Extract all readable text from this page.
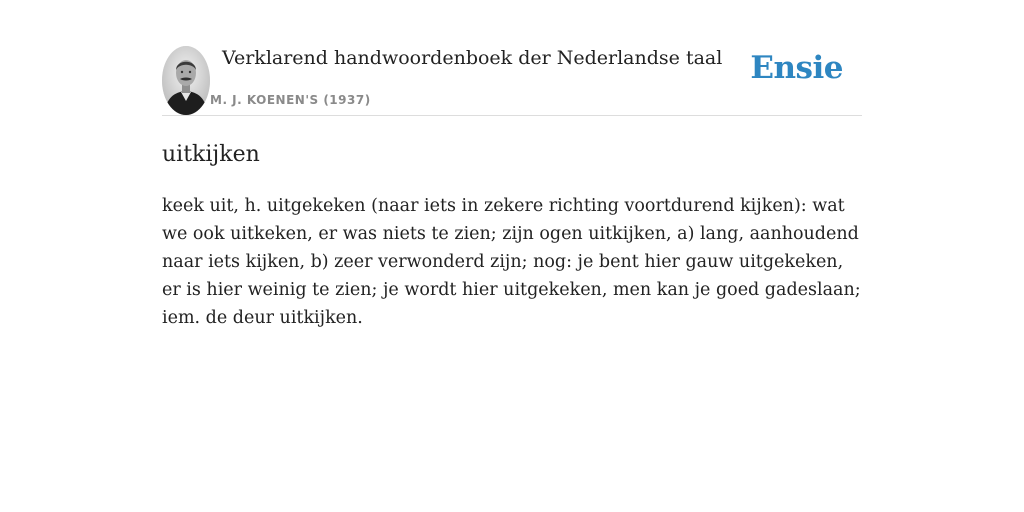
Verklarend handwoordenboek der Nederlandse taal
M. J. KOENEN'S (1937)
Ensie
uitkijken

keek uit, h. uitgekeken (naar iets in zekere richting voortdurend kijken): wat we ook uitkeken, er was niets te zien; zijn ogen uitkijken, a) lang, aanhoudend naar iets kijken, b) zeer verwonderd zijn; nog: je bent hier gauw uitgekeken, er is hier weinig te zien; je wordt hier uitgekeken, men kan je goed gadeslaan; iem. de deur uitkijken.
